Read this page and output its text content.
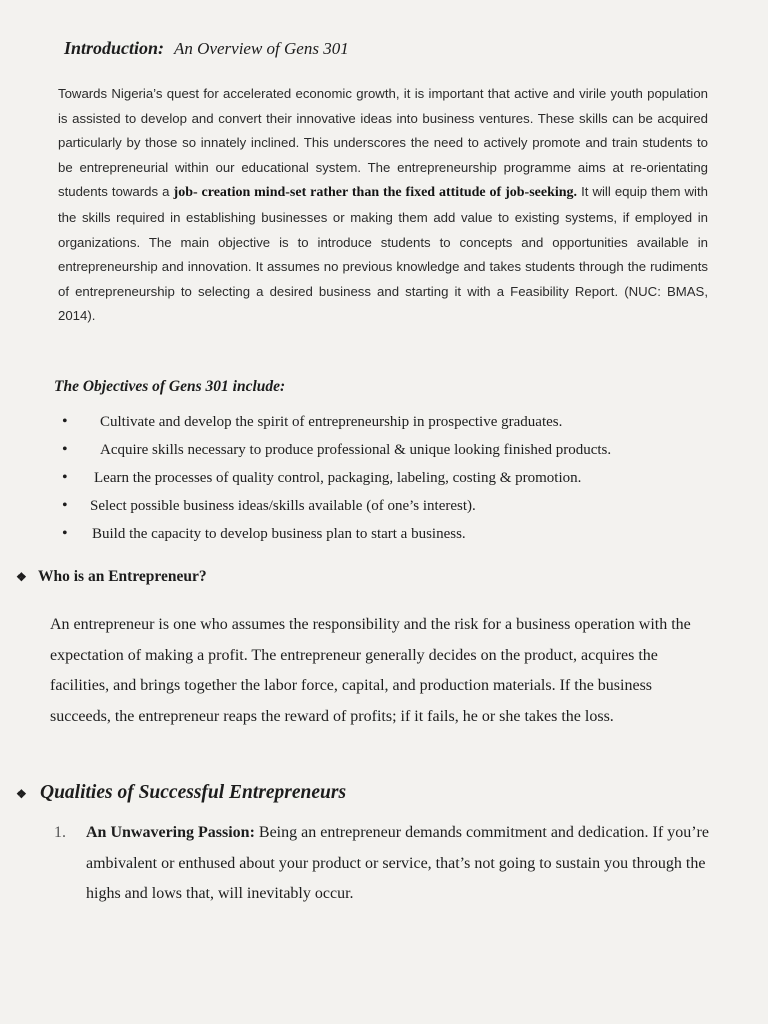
Introduction: An Overview of Gens 301
Towards Nigeria’s quest for accelerated economic growth, it is important that active and virile youth population is assisted to develop and convert their innovative ideas into business ventures. These skills can be acquired particularly by those so innately inclined. This underscores the need to actively promote and train students to be entrepreneurial within our educational system. The entrepreneurship programme aims at re-orientating students towards a job- creation mind-set rather than the fixed attitude of job-seeking. It will equip them with the skills required in establishing businesses or making them add value to existing systems, if employed in organizations. The main objective is to introduce students to concepts and opportunities available in entrepreneurship and innovation. It assumes no previous knowledge and takes students through the rudiments of entrepreneurship to selecting a desired business and starting it with a Feasibility Report. (NUC: BMAS, 2014).
The Objectives of Gens 301 include:
• Cultivate and develop the spirit of entrepreneurship in prospective graduates.
• Acquire skills necessary to produce professional & unique looking finished products.
• Learn the processes of quality control, packaging, labeling, costing & promotion.
• Select possible business ideas/skills available (of one’s interest).
• Build the capacity to develop business plan to start a business.
❖ Who is an Entrepreneur?
An entrepreneur is one who assumes the responsibility and the risk for a business operation with the expectation of making a profit. The entrepreneur generally decides on the product, acquires the facilities, and brings together the labor force, capital, and production materials. If the business succeeds, the entrepreneur reaps the reward of profits; if it fails, he or she takes the loss.
❖ Qualities of Successful Entrepreneurs
1. An Unwavering Passion: Being an entrepreneur demands commitment and dedication. If you’re ambivalent or enthused about your product or service, that’s not going to sustain you through the highs and lows that, will inevitably occur.
